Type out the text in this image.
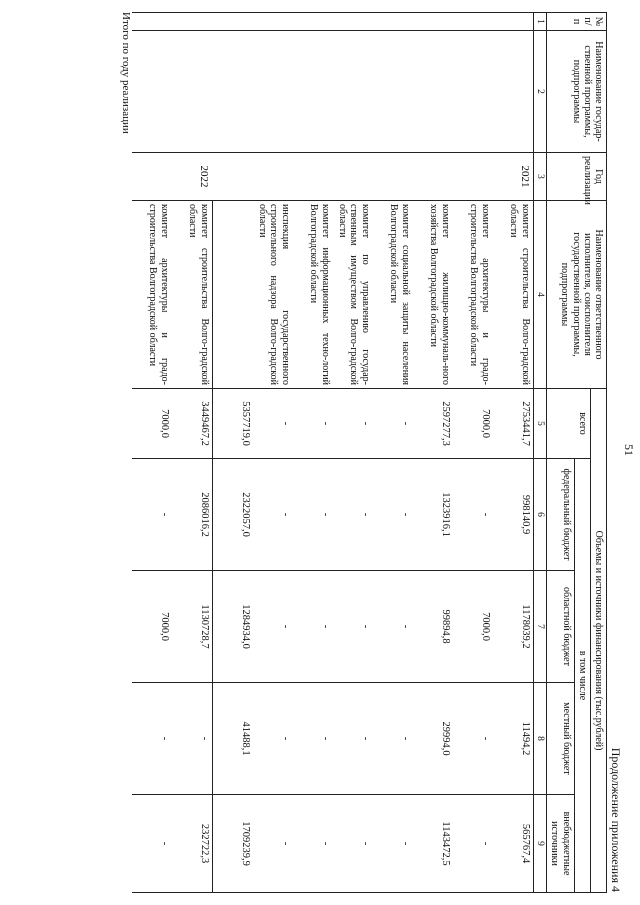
51
Продолжение приложения 4
№ п/п	Наименование государ-ственной программы, подпрограммы	Год реализации	Наименование ответственного исполнителя, соисполнителя государственной программы, подпрограммы	Объемы и источники финансирования (тыс.рублей)				
				всего	в том числе			
					федеральный бюджет	областной бюджет	местный бюджет	внебюджетные источники
1	2	3	4	5	6	7	8	9
		2021	комитет строительства Волго-градской области	2753441,7	998140,9	1178039,2	11494,2	565767,4
			комитет архитектуры и градо-строительства Волгоградской области	7000,0	-	7000,0	-	-
			комитет жилищно-коммуналь-ного хозяйства Волгоградской области	2597277,3	1323916,1	99894,8	29994,0	1143472,5
			комитет социальной защиты населения Волгоградской области	-	-	-	-	-
			комитет по управлению государ-ственным имуществом Волго-градской области	-	-	-	-	-
			комитет информационных техно-логий Волгоградской области	-	-	-	-	-
			инспекция государственного строительного надзора Волго-градской области	-	-	-	-	-
				5357719,0	2322057,0	1284934,0	41488,1	1709239,9
		2022	комитет строительства Волго-градской области	3449467,2	2086016,2	1130728,7	-	232722,3
			комитет архитектуры и градо-строительства Волгоградской области	7000,0	-	7000,0	-	-
Итого по году реализации
